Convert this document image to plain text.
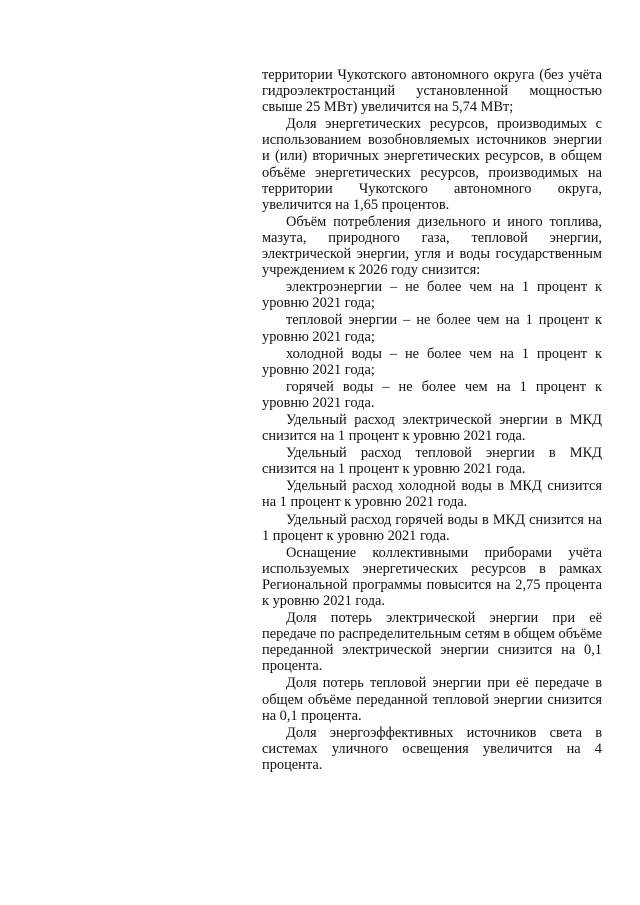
территории Чукотского автономного округа (без учёта гидроэлектростанций установленной мощностью свыше 25 МВт) увеличится на 5,74 МВт;

Доля энергетических ресурсов, производимых с использованием возобновляемых источников энергии и (или) вторичных энергетических ресурсов, в общем объёме энергетических ресурсов, производимых на территории Чукотского автономного округа, увеличится на 1,65 процентов.

Объём потребления дизельного и иного топлива, мазута, природного газа, тепловой энергии, электрической энергии, угля и воды государственным учреждением к 2026 году снизится:

электроэнергии – не более чем на 1 процент к уровню 2021 года;

тепловой энергии – не более чем на 1 процент к уровню 2021 года;

холодной воды – не более чем на 1 процент к уровню 2021 года;

горячей воды – не более чем на 1 процент к уровню 2021 года.

Удельный расход электрической энергии в МКД снизится на 1 процент к уровню 2021 года.

Удельный расход тепловой энергии в МКД снизится на 1 процент к уровню 2021 года.

Удельный расход холодной воды в МКД снизится на 1 процент к уровню 2021 года.

Удельный расход горячей воды в МКД снизится на 1 процент к уровню 2021 года.

Оснащение коллективными приборами учёта используемых энергетических ресурсов в рамках Региональной программы повысится на 2,75 процента к уровню 2021 года.

Доля потерь электрической энергии при её передаче по распределительным сетям в общем объёме переданной электрической энергии снизится на 0,1 процента.

Доля потерь тепловой энергии при её передаче в общем объёме переданной тепловой энергии снизится на 0,1 процента.

Доля энергоэффективных источников света в системах уличного освещения увеличится на 4 процента.
